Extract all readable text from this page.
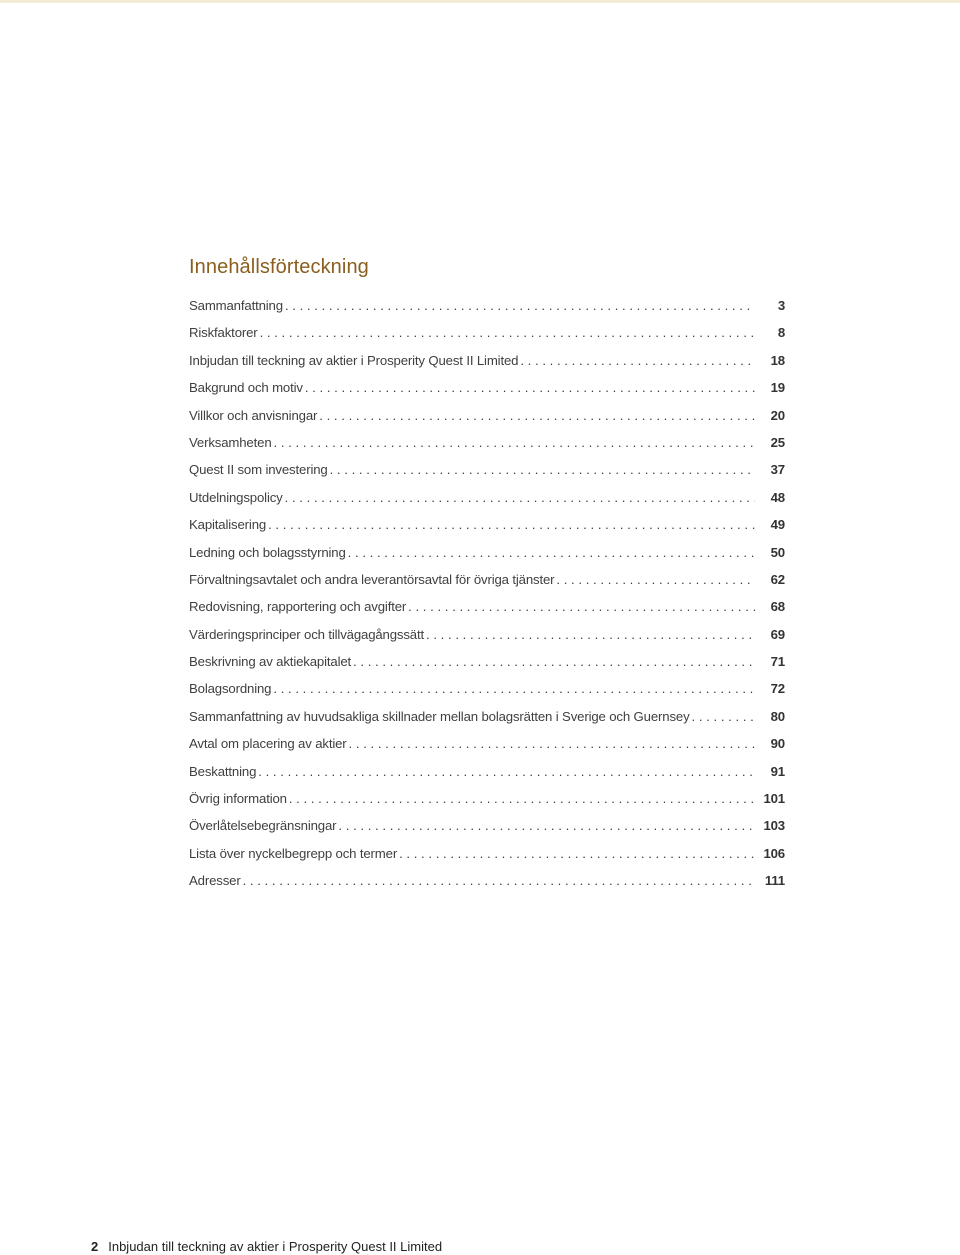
Innehållsförteckning
Sammanfattning . . .	3
Riskfaktorer . . .	8
Inbjudan till teckning av aktier i Prosperity Quest II Limited . . .	18
Bakgrund och motiv . . .	19
Villkor och anvisningar . . .	20
Verksamheten . . .	25
Quest II som investering . . .	37
Utdelningspolicy . . .	48
Kapitalisering . . .	49
Ledning och bolagsstyrning . . .	50
Förvaltningsavtalet och andra leverantörsavtal för övriga tjänster . . .	62
Redovisning, rapportering och avgifter . . .	68
Värderingsprinciper och tillvägagångssätt . . .	69
Beskrivning av aktiekapitalet . . .	71
Bolagsordning . . .	72
Sammanfattning av huvudsakliga skillnader mellan bolagsrätten i Sverige och Guernsey . . .	80
Avtal om placering av aktier . . .	90
Beskattning . . .	91
Övrig information . . .	101
Överlåtelsebegränsningar . . .	103
Lista över nyckelbegrepp och termer . . .	106
Adresser . . .	111
2 Inbjudan till teckning av aktier i Prosperity Quest II Limited
